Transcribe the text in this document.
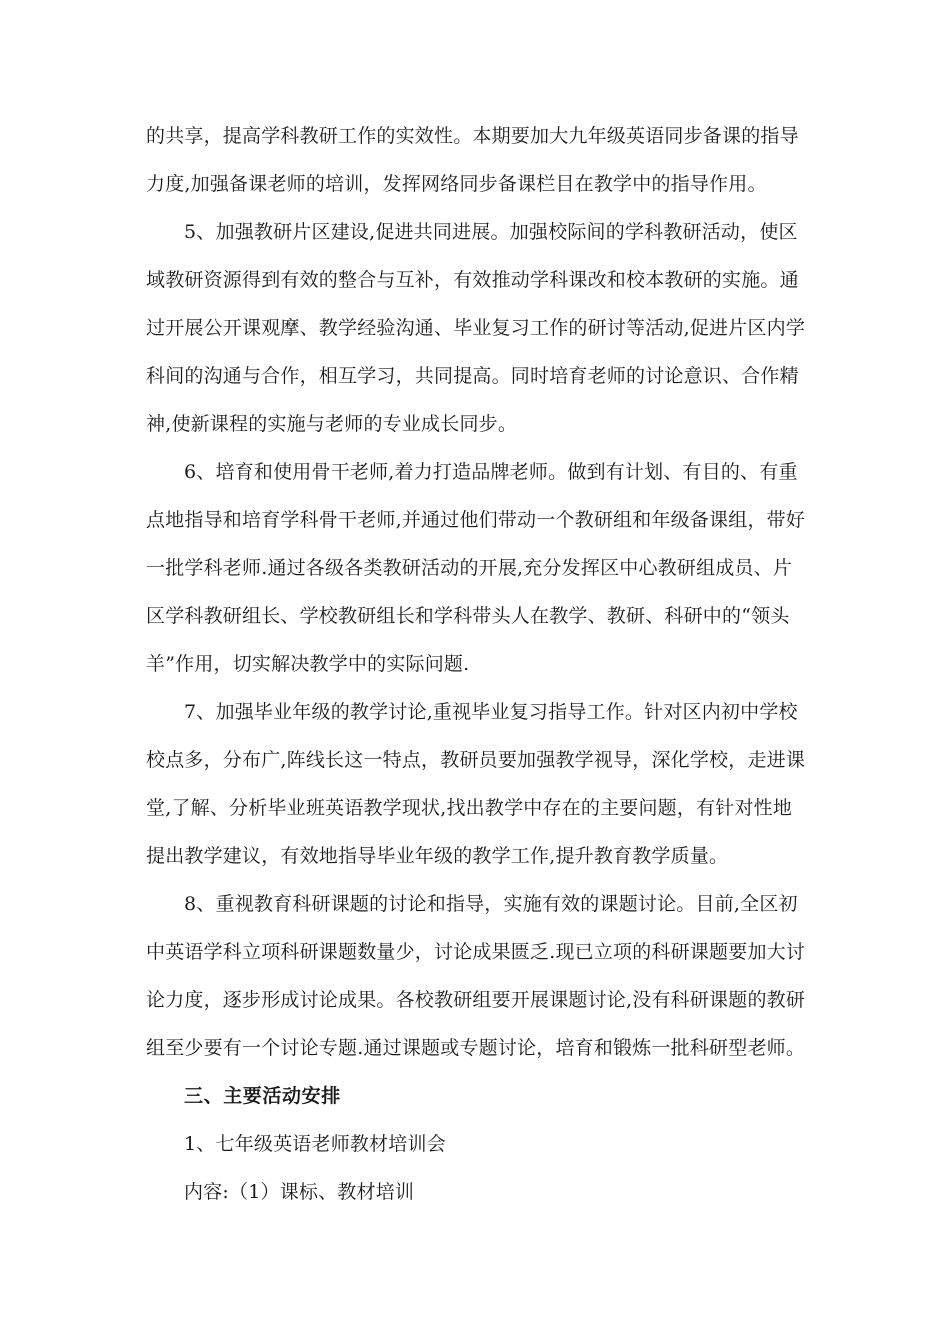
的共享，提高学科教研工作的实效性。本期要加大九年级英语同步备课的指导
力度,加强备课老师的培训，发挥网络同步备课栏目在教学中的指导作用。
5、加强教研片区建设,促进共同进展。加强校际间的学科教研活动，使区
域教研资源得到有效的整合与互补，有效推动学科课改和校本教研的实施。通
过开展公开课观摩、教学经验沟通、毕业复习工作的研讨等活动,促进片区内学
科间的沟通与合作，相互学习，共同提高。同时培育老师的讨论意识、合作精
神,使新课程的实施与老师的专业成长同步。
6、培育和使用骨干老师,着力打造品牌老师。做到有计划、有目的、有重
点地指导和培育学科骨干老师,并通过他们带动一个教研组和年级备课组，带好
一批学科老师.通过各级各类教研活动的开展,充分发挥区中心教研组成员、片
区学科教研组长、学校教研组长和学科带头人在教学、教研、科研中的“领头
羊”作用，切实解决教学中的实际问题.
7、加强毕业年级的教学讨论,重视毕业复习指导工作。针对区内初中学校
校点多，分布广,阵线长这一特点，教研员要加强教学视导，深化学校，走进课
堂,了解、分析毕业班英语教学现状,找出教学中存在的主要问题，有针对性地
提出教学建议，有效地指导毕业年级的教学工作,提升教育教学质量。
8、重视教育科研课题的讨论和指导，实施有效的课题讨论。目前,全区初
中英语学科立项科研课题数量少，讨论成果匮乏.现已立项的科研课题要加大讨
论力度，逐步形成讨论成果。各校教研组要开展课题讨论,没有科研课题的教研
组至少要有一个讨论专题.通过课题或专题讨论，培育和锻炼一批科研型老师。
三、主要活动安排
1、七年级英语老师教材培训会
内容:（1）课标、教材培训
